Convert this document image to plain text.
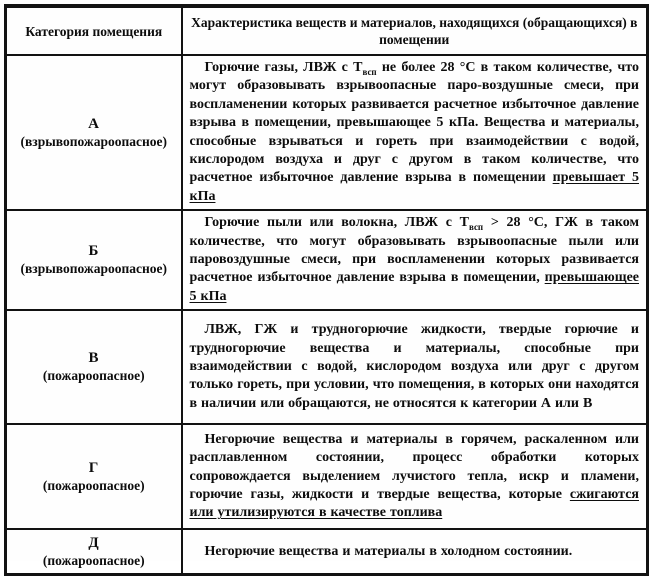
Категория помещения	Характеристика веществ и материалов, находящихся (обращающихся) в помещении

А
(взрывопожароопасное)	Горючие газы, ЛВЖ с $Т_{всп}$ не более 28 °С в таком количестве, что могут образовывать взрывоопасные паро-воздушные смеси, при воспламенении которых развивается расчетное избыточное давление взрыва в помещении, превышающее 5 кПа. Вещества и материалы, способные взрываться и гореть при взаимодействии с водой, кислородом воздуха и друг с другом в таком количестве, что расчетное избыточное давление взрыва в помещении превышает 5 кПа

Б
(взрывопожароопасное)	Горючие пыли или волокна, ЛВЖ с $Т_{всп} > 28$ °С, ГЖ в таком количестве, что могут образовывать взрывоопасные пыли или паровоздушные смеси, при воспламенении которых развивается расчетное избыточное давление взрыва в помещении, превышающее 5 кПа

В
(пожароопасное)	ЛВЖ, ГЖ и трудногорючие жидкости, твердые горючие и трудногорючие вещества и материалы, способные при взаимодействии с водой, кислородом воздуха или друг с другом только гореть, при условии, что помещения, в которых они находятся в наличии или обращаются, не относятся к категории А или В

Г
(пожароопасное)	Негорючие вещества и материалы в горячем, раскаленном или расплавленном состоянии, процесс обработки которых сопровождается выделением лучистого тепла, искр и пламени, горючие газы, жидкости и твердые вещества, которые сжигаются или утилизируются в качестве топлива

Д
(пожароопасное)	Негорючие вещества и материалы в холодном состоянии.
